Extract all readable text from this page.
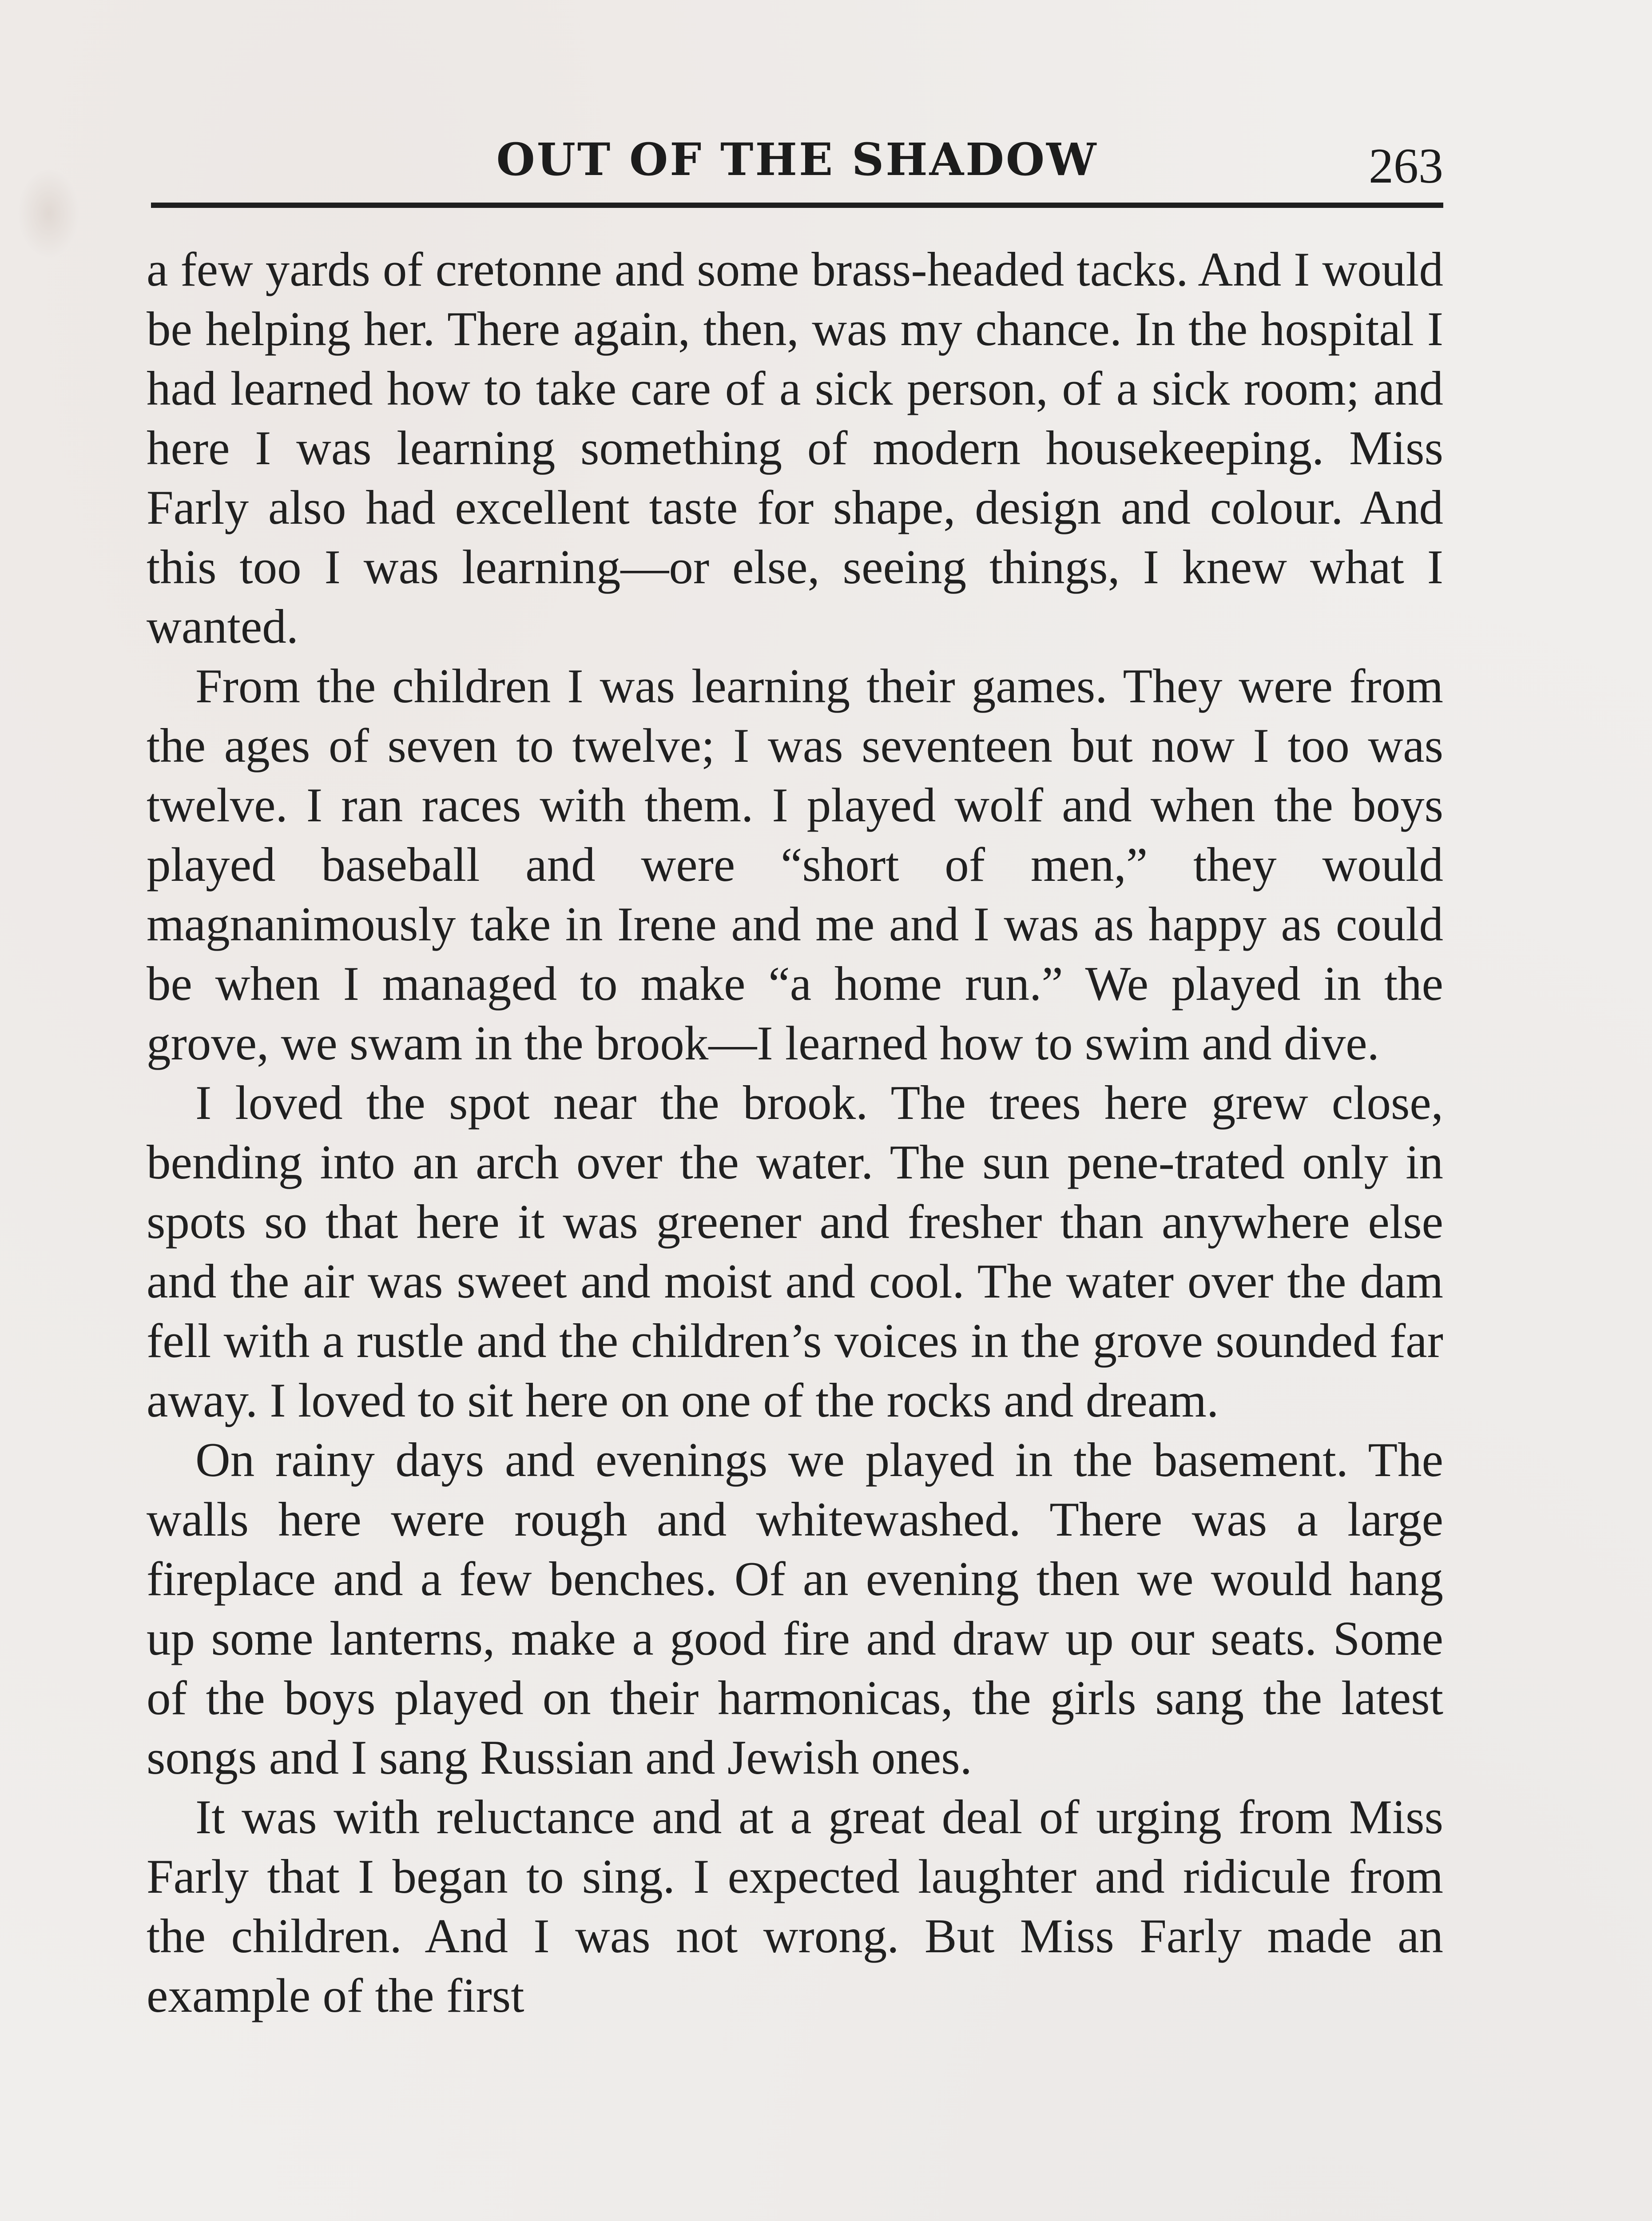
OUT OF THE SHADOW	263

a few yards of cretonne and some brass-headed tacks. And I would be helping her. There again, then, was my chance. In the hospital I had learned how to take care of a sick person, of a sick room; and here I was learning something of modern housekeeping. Miss Farly also had excellent taste for shape, design and colour. And this too I was learning—or else, seeing things, I knew what I wanted.

From the children I was learning their games. They were from the ages of seven to twelve; I was seventeen but now I too was twelve. I ran races with them. I played wolf and when the boys played baseball and were “short of men,” they would magnanimously take in Irene and me and I was as happy as could be when I managed to make “a home run.” We played in the grove, we swam in the brook—I learned how to swim and dive.

I loved the spot near the brook. The trees here grew close, bending into an arch over the water. The sun pene-trated only in spots so that here it was greener and fresher than anywhere else and the air was sweet and moist and cool. The water over the dam fell with a rustle and the children’s voices in the grove sounded far away. I loved to sit here on one of the rocks and dream.

On rainy days and evenings we played in the basement. The walls here were rough and whitewashed. There was a large fireplace and a few benches. Of an evening then we would hang up some lanterns, make a good fire and draw up our seats. Some of the boys played on their harmonicas, the girls sang the latest songs and I sang Russian and Jewish ones.

It was with reluctance and at a great deal of urging from Miss Farly that I began to sing. I expected laughter and ridicule from the children. And I was not wrong. But Miss Farly made an example of the first
